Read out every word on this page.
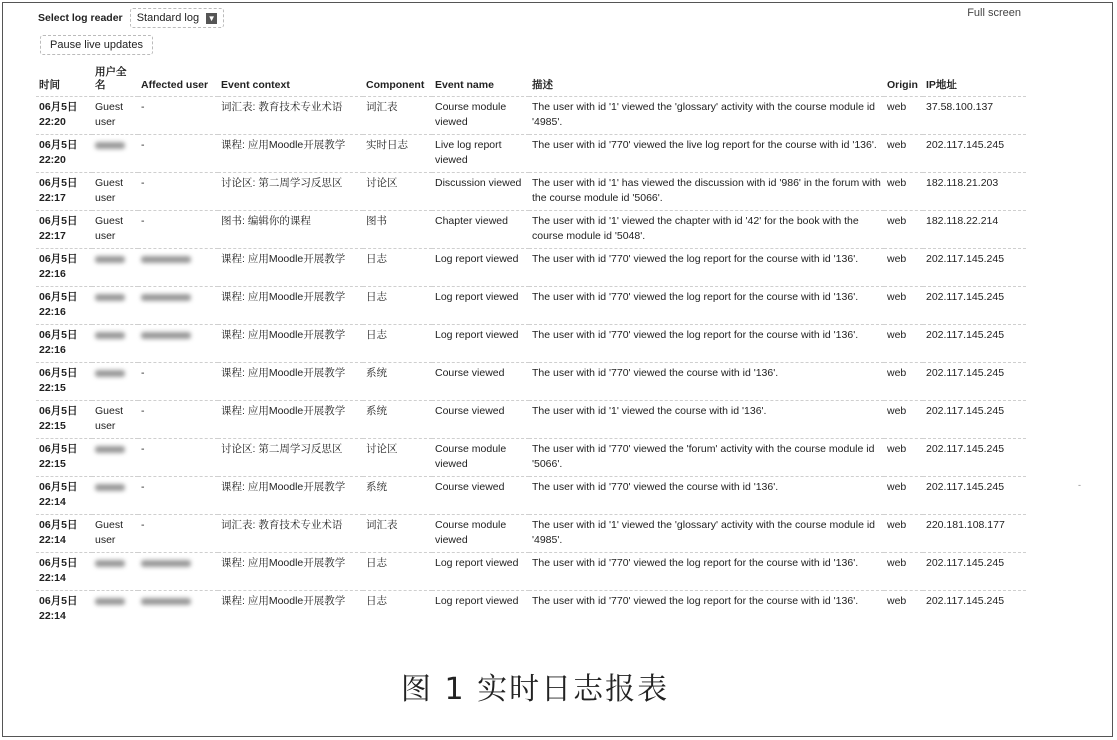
Select log reader Standard log ▼	Full screen
Pause live updates
时间	用户全名	Affected user	Event context	Component	Event name	描述	Origin	IP地址
06月5日 22:20	Guest user	-	词汇表: 教育技术专业术语	词汇表	Course module viewed	The user with id '1' viewed the 'glossary' activity with the course module id '4985'.	web	37.58.100.137
06月5日 22:20		-	课程: 应用Moodle开展教学	实时日志	Live log report viewed	The user with id '770' viewed the live log report for the course with id '136'.	web	202.117.145.245
06月5日 22:17	Guest user	-	讨论区: 第二周学习反思区	讨论区	Discussion viewed	The user with id '1' has viewed the discussion with id '986' in the forum with the course module id '5066'.	web	182.118.21.203
06月5日 22:17	Guest user	-	图书: 编辑你的课程	图书	Chapter viewed	The user with id '1' viewed the chapter with id '42' for the book with the course module id '5048'.	web	182.118.22.214
06月5日 22:16			课程: 应用Moodle开展教学	日志	Log report viewed	The user with id '770' viewed the log report for the course with id '136'.	web	202.117.145.245
06月5日 22:16			课程: 应用Moodle开展教学	日志	Log report viewed	The user with id '770' viewed the log report for the course with id '136'.	web	202.117.145.245
06月5日 22:16			课程: 应用Moodle开展教学	日志	Log report viewed	The user with id '770' viewed the log report for the course with id '136'.	web	202.117.145.245
06月5日 22:15		-	课程: 应用Moodle开展教学	系统	Course viewed	The user with id '770' viewed the course with id '136'.	web	202.117.145.245
06月5日 22:15	Guest user	-	课程: 应用Moodle开展教学	系统	Course viewed	The user with id '1' viewed the course with id '136'.	web	202.117.145.245
06月5日 22:15		-	讨论区: 第二周学习反思区	讨论区	Course module viewed	The user with id '770' viewed the 'forum' activity with the course module id '5066'.	web	202.117.145.245
06月5日 22:14		-	课程: 应用Moodle开展教学	系统	Course viewed	The user with id '770' viewed the course with id '136'.	web	202.117.145.245
06月5日 22:14	Guest user	-	词汇表: 教育技术专业术语	词汇表	Course module viewed	The user with id '1' viewed the 'glossary' activity with the course module id '4985'.	web	220.181.108.177
06月5日 22:14			课程: 应用Moodle开展教学	日志	Log report viewed	The user with id '770' viewed the log report for the course with id '136'.	web	202.117.145.245
06月5日 22:14			课程: 应用Moodle开展教学	日志	Log report viewed	The user with id '770' viewed the log report for the course with id '136'.	web	202.117.145.245
图 1 实时日志报表
-
